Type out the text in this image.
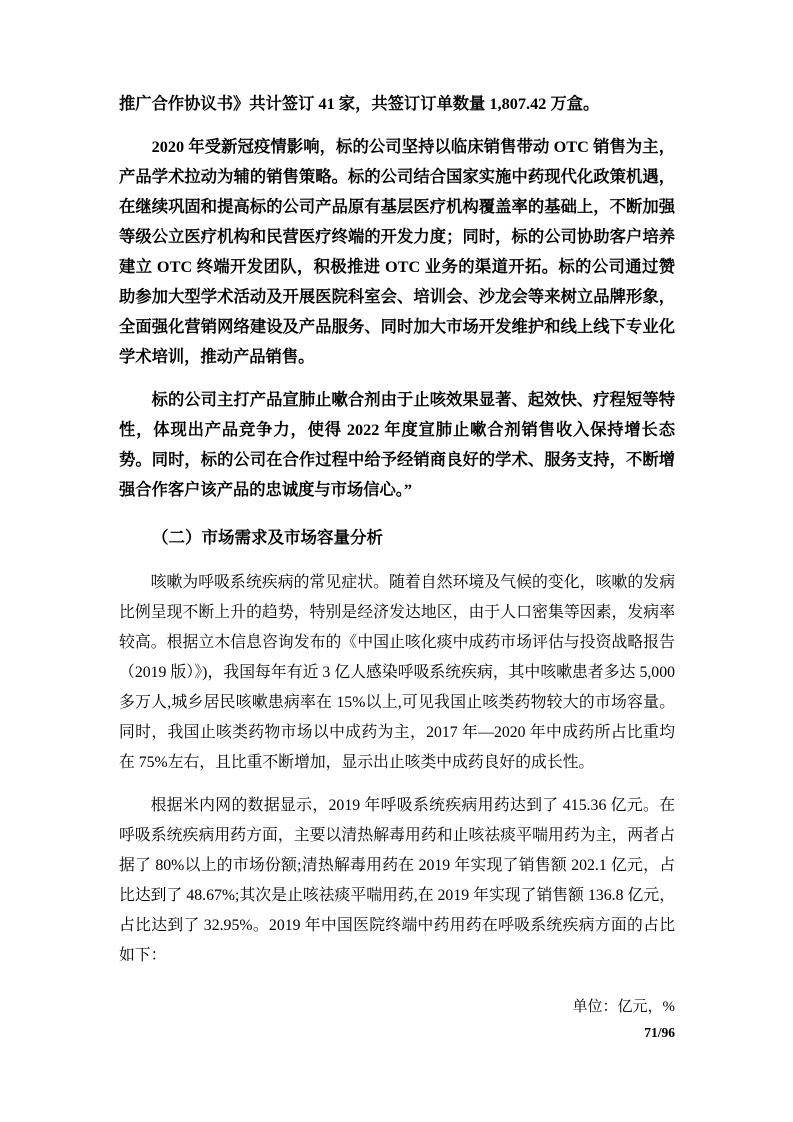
推广合作协议书》共计签订 41 家，共签订订单数量 1,807.42 万盒。

2020 年受新冠疫情影响，标的公司坚持以临床销售带动 OTC 销售为主，产品学术拉动为辅的销售策略。标的公司结合国家实施中药现代化政策机遇，在继续巩固和提高标的公司产品原有基层医疗机构覆盖率的基础上，不断加强等级公立医疗机构和民营医疗终端的开发力度；同时，标的公司协助客户培养建立 OTC 终端开发团队，积极推进 OTC 业务的渠道开拓。标的公司通过赞助参加大型学术活动及开展医院科室会、培训会、沙龙会等来树立品牌形象，全面强化营销网络建设及产品服务、同时加大市场开发维护和线上线下专业化学术培训，推动产品销售。

标的公司主打产品宣肺止嗽合剂由于止咳效果显著、起效快、疗程短等特性，体现出产品竞争力，使得 2022 年度宣肺止嗽合剂销售收入保持增长态势。同时，标的公司在合作过程中给予经销商良好的学术、服务支持，不断增强合作客户该产品的忠诚度与市场信心。”

（二）市场需求及市场容量分析

咳嗽为呼吸系统疾病的常见症状。随着自然环境及气候的变化，咳嗽的发病比例呈现不断上升的趋势，特别是经济发达地区，由于人口密集等因素，发病率较高。根据立木信息咨询发布的《中国止咳化痰中成药市场评估与投资战略报告（2019 版）》)，我国每年有近 3 亿人感染呼吸系统疾病，其中咳嗽患者多达 5,000 多万人,城乡居民咳嗽患病率在 15%以上,可见我国止咳类药物较大的市场容量。同时，我国止咳类药物市场以中成药为主，2017 年—2020 年中成药所占比重均在 75%左右，且比重不断增加，显示出止咳类中成药良好的成长性。

根据米内网的数据显示，2019 年呼吸系统疾病用药达到了 415.36 亿元。在呼吸系统疾病用药方面，主要以清热解毒用药和止咳祛痰平喘用药为主，两者占据了 80%以上的市场份额;清热解毒用药在 2019 年实现了销售额 202.1 亿元，占比达到了 48.67%;其次是止咳祛痰平喘用药,在 2019 年实现了销售额 136.8 亿元，占比达到了 32.95%。2019 年中国医院终端中药用药在呼吸系统疾病方面的占比如下：

单位：亿元，%
71/96
